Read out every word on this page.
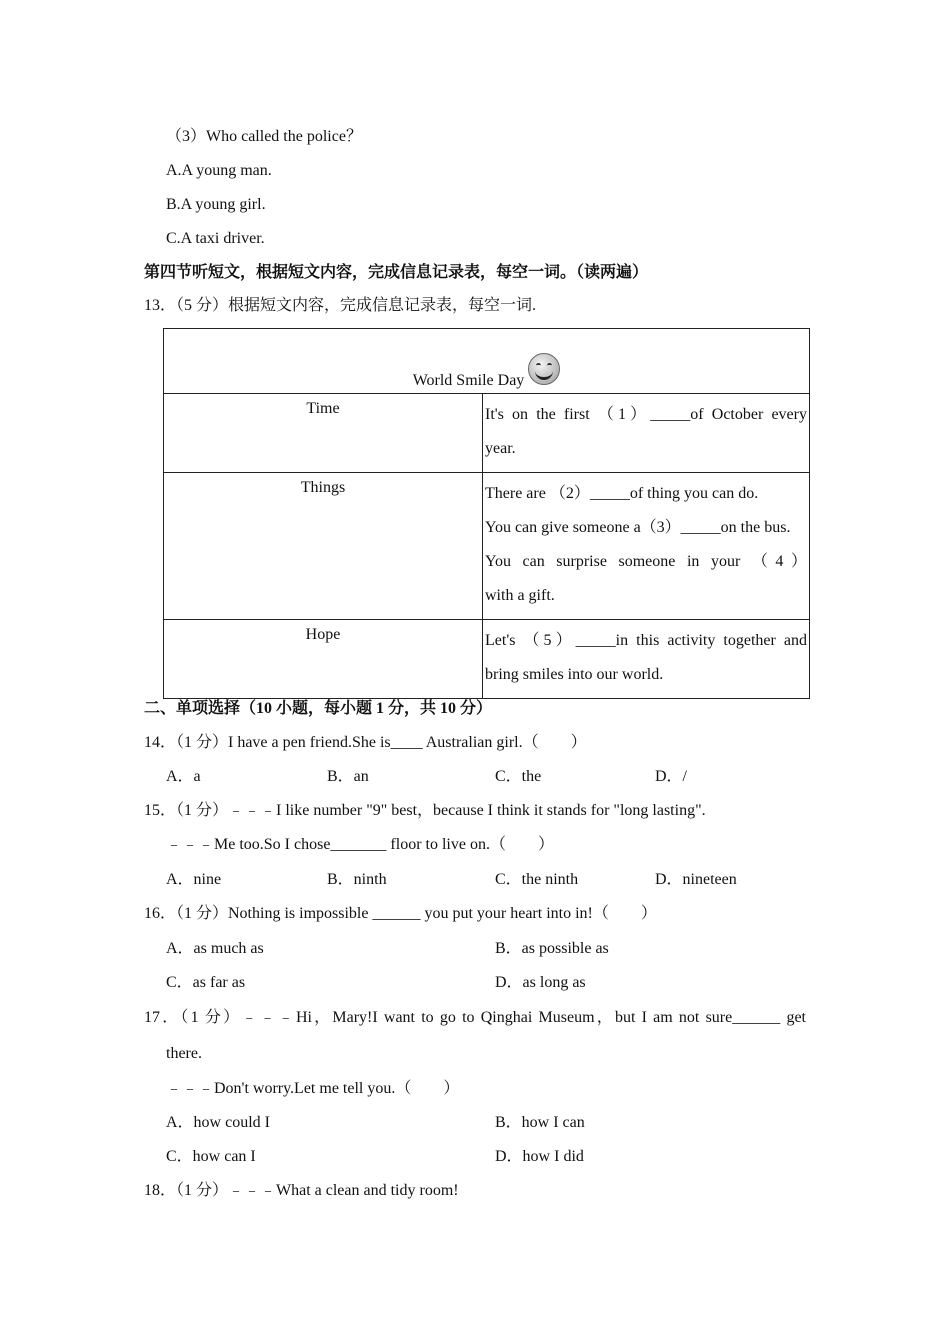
（3）Who called the police？
A.A young man.
B.A young girl.
C.A taxi driver.
第四节听短文，根据短文内容，完成信息记录表，每空一词。（读两遍）
13．（5 分）根据短文内容，完成信息记录表，每空一词.
World Smile Day	

Time	It's on the first （1）_____of October every
year.

Things	There are （2）_____of thing you can do.
You can give someone a（3）_____on the bus.
You can surprise someone in your （4）
with a gift.

Hope	Let's （5）_____in this activity together and
bring smiles into our world.
二、单项选择（10 小题，每小题 1 分，共 10 分）
14．（1 分）I have a pen friend.She is____ Australian girl.（　　）
A．a	B．an	C．the	D．/
15．（1 分）﹣﹣﹣I like number "9" best，because I think it stands for "long lasting".
﹣﹣﹣Me too.So I chose_______ floor to live on.（　　）
A．nine	B．ninth	C．the ninth	D．nineteen
16．（1 分）Nothing is impossible ______ you put your heart into in!（　　）
A．as much as	B．as possible as
C．as far as	D．as long as
17．（1 分）﹣﹣﹣Hi，Mary!I want to go to Qinghai Museum，but I am not sure______ get
there.
﹣﹣﹣Don't worry.Let me tell you.（　　）
A．how could I	B．how I can
C．how can I	D．how I did
18．（1 分）﹣﹣﹣What a clean and tidy room!
